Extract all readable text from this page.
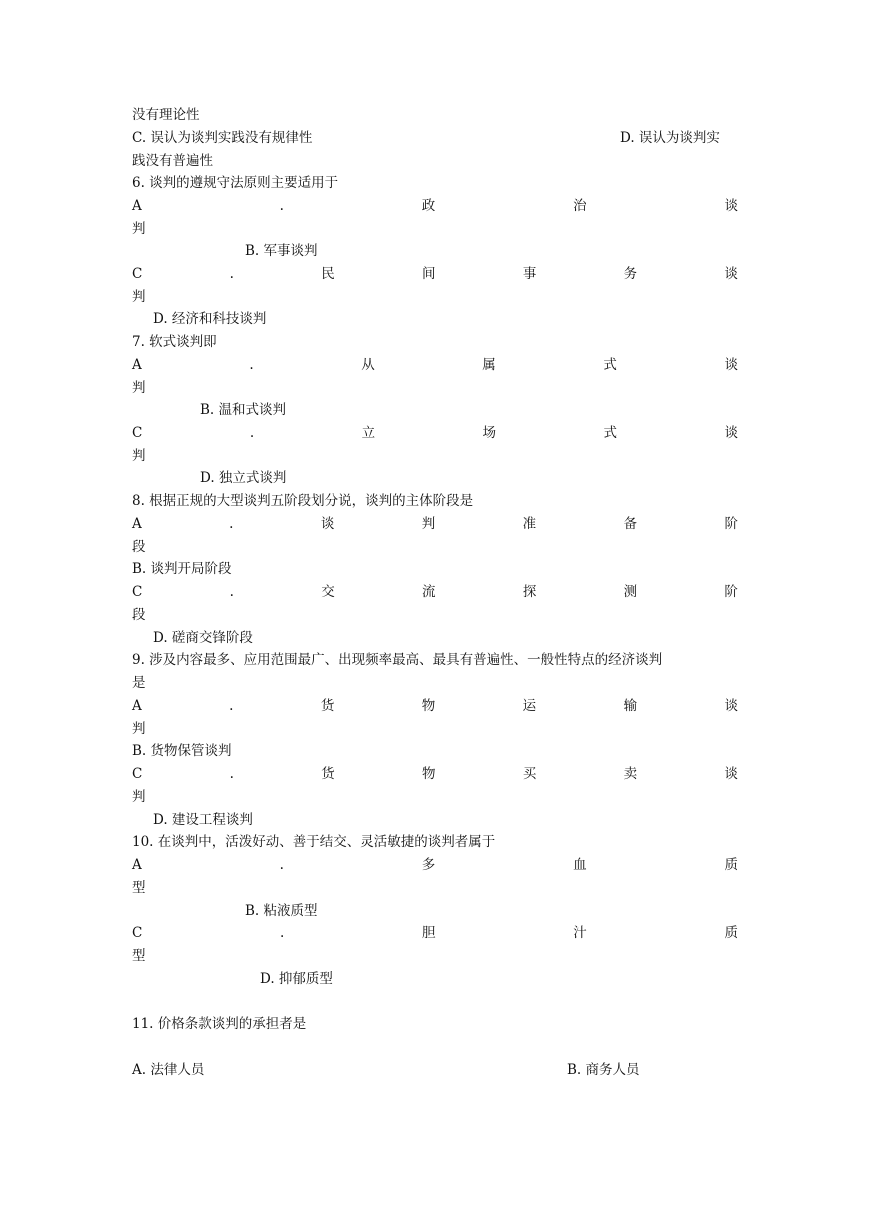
没有理论性
C. 误认为谈判实践没有规律性	D. 误认为谈判实
践没有普遍性
6. 谈判的遵规守法原则主要适用于
A	.	政	治	谈
判
B. 军事谈判
C	.	民	间	事	务	谈
判
D. 经济和科技谈判
7. 软式谈判即
A	.	从	属	式	谈
判
B. 温和式谈判
C	.	立	场	式	谈
判
D. 独立式谈判
8. 根据正规的大型谈判五阶段划分说，谈判的主体阶段是
A	.	谈	判	准	备	阶
段
B. 谈判开局阶段
C	.	交	流	探	测	阶
段
D. 磋商交锋阶段
9. 涉及内容最多、应用范围最广、出现频率最高、最具有普遍性、一般性特点的经济谈判
是
A	.	货	物	运	输	谈
判
B. 货物保管谈判
C	.	货	物	买	卖	谈
判
D. 建设工程谈判
10. 在谈判中，活泼好动、善于结交、灵活敏捷的谈判者属于
A	.	多	血	质
型
B. 粘液质型
C	.	胆	汁	质
型
D. 抑郁质型
11. 价格条款谈判的承担者是
A. 法律人员	B. 商务人员
